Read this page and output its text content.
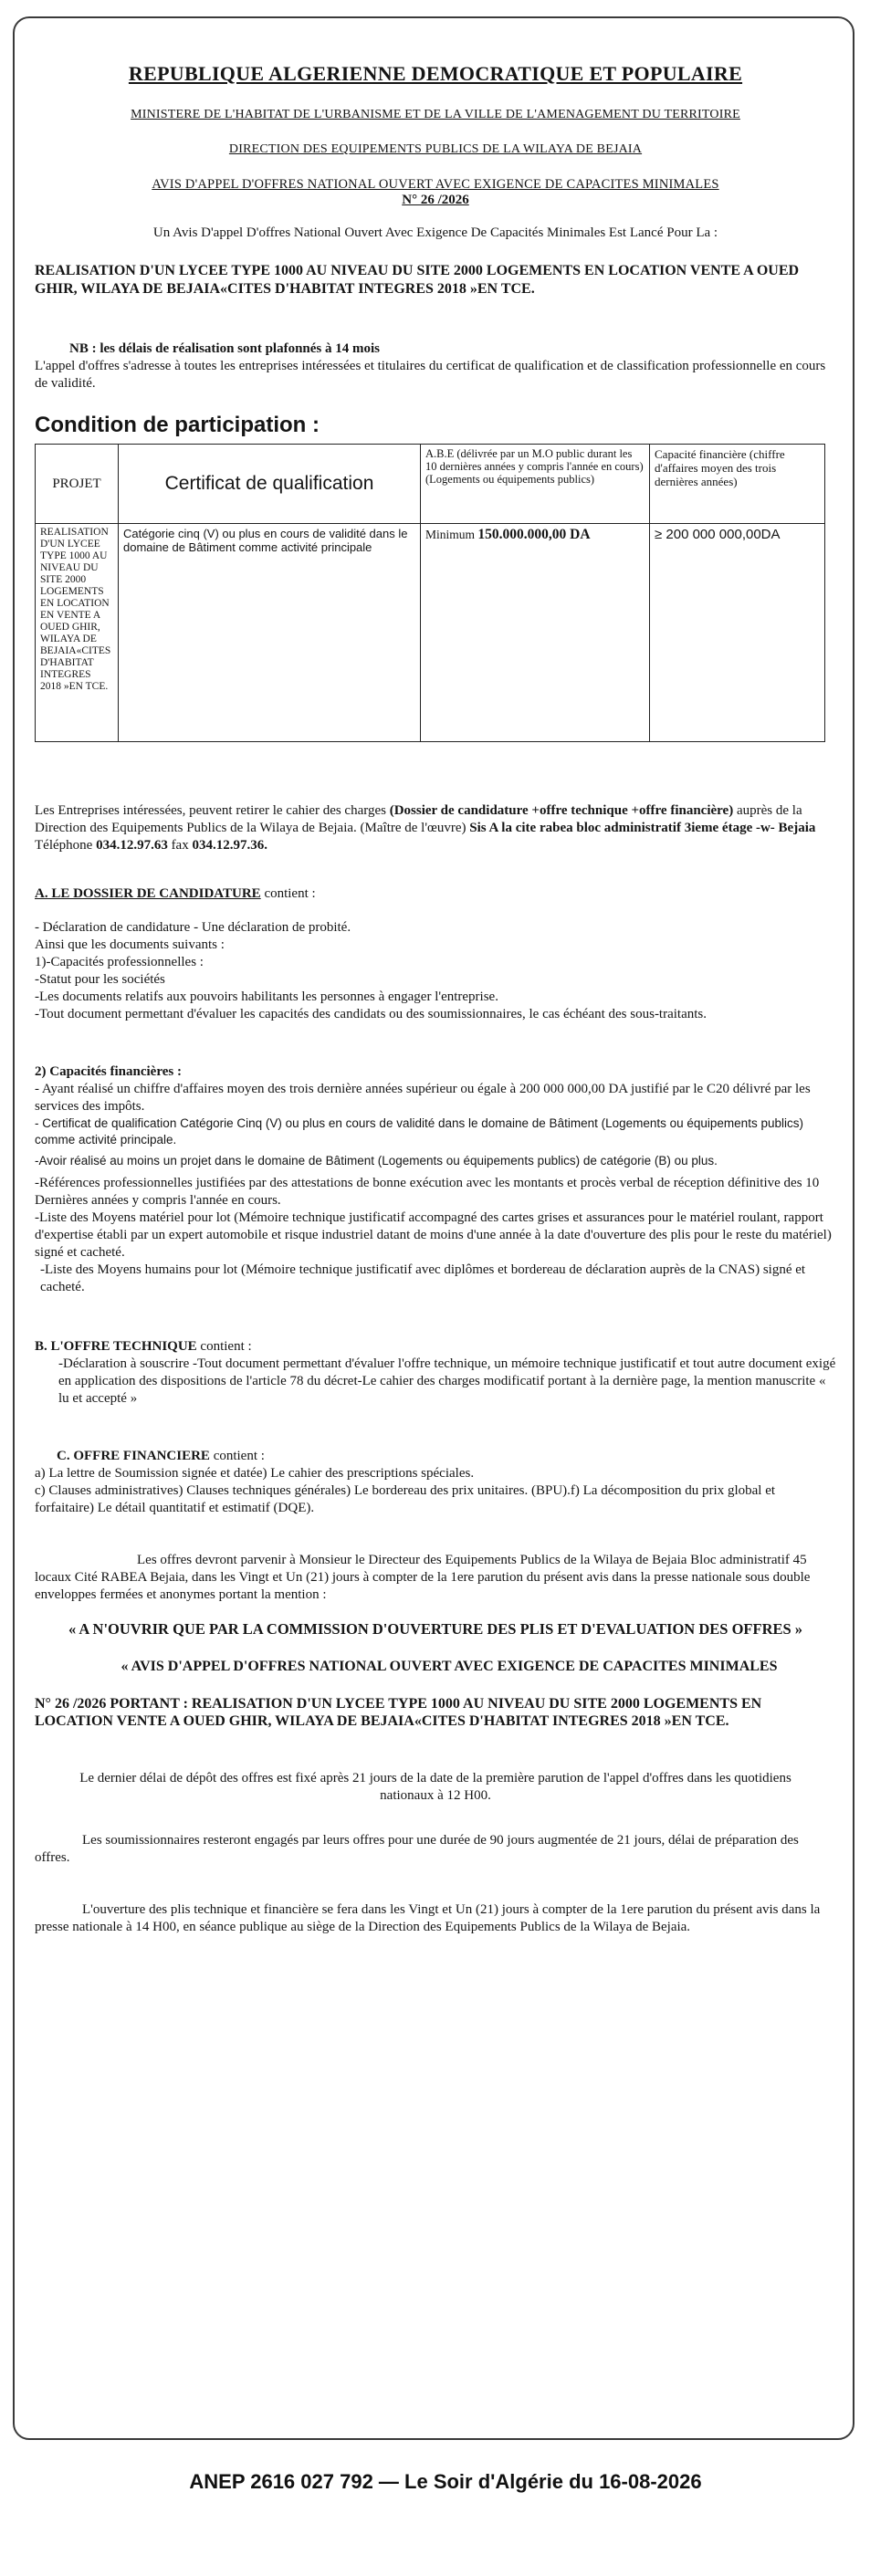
REPUBLIQUE ALGERIENNE DEMOCRATIQUE ET POPULAIRE
MINISTERE DE L'HABITAT DE L'URBANISME ET DE LA VILLE DE L'AMENAGEMENT DU TERRITOIRE
DIRECTION DES EQUIPEMENTS PUBLICS DE LA WILAYA DE BEJAIA
AVIS D'APPEL D'OFFRES NATIONAL OUVERT AVEC EXIGENCE DE CAPACITES MINIMALES
N° 26 /2026
Un Avis D'appel D'offres National Ouvert Avec Exigence De Capacités Minimales Est Lancé Pour La :
REALISATION D'UN LYCEE TYPE 1000 AU NIVEAU DU SITE 2000 LOGEMENTS EN LOCATION VENTE A OUED GHIR, WILAYA DE BEJAIA«CITES D'HABITAT INTEGRES 2018 »EN TCE.
NB : les délais de réalisation sont plafonnés à 14 mois
L'appel d'offres s'adresse à toutes les entreprises intéressées et titulaires du certificat de qualification et de classification professionnelle en cours de validité.
Condition de participation :
PROJET	Certificat de qualification	A.B.E (délivrée par un M.O public durant les 10 dernières années y compris l'année en cours) (Logements ou équipements publics)	Capacité financière (chiffre d'affaires moyen des trois dernières années)
REALISATION D'UN LYCEE TYPE 1000 AU NIVEAU DU SITE 2000 LOGEMENTS EN LOCATION EN VENTE A OUED GHIR, WILAYA DE BEJAIA«CITES D'HABITAT INTEGRES 2018 »EN TCE.	Catégorie cinq (V) ou plus en cours de validité dans le domaine de Bâtiment comme activité principale	Minimum 150.000.000,00 DA	≥ 200 000 000,00DA
Les Entreprises intéressées, peuvent retirer le cahier des charges (Dossier de candidature +offre technique +offre financière) auprès de la Direction des Equipements Publics de la Wilaya de Bejaia. (Maître de l'œuvre) Sis A la cite rabea bloc administratif 3ieme étage -w- Bejaia Téléphone 034.12.97.63 fax 034.12.97.36.
A. LE DOSSIER DE CANDIDATURE contient :
- Déclaration de candidature - Une déclaration de probité.
Ainsi que les documents suivants :
1)-Capacités professionnelles :
-Statut pour les sociétés
-Les documents relatifs aux pouvoirs habilitants les personnes à engager l'entreprise.
-Tout document permettant d'évaluer les capacités des candidats ou des soumissionnaires, le cas échéant des sous-traitants.
2) Capacités financières :
- Ayant réalisé un chiffre d'affaires moyen des trois dernière années supérieur ou égale à 200 000 000,00 DA justifié par le C20 délivré par les services des impôts.
- Certificat de qualification Catégorie Cinq (V) ou plus en cours de validité dans le domaine de Bâtiment (Logements ou équipements publics) comme activité principale.
-Avoir réalisé au moins un projet dans le domaine de Bâtiment (Logements ou équipements publics) de catégorie (B) ou plus.
-Références professionnelles justifiées par des attestations de bonne exécution avec les montants et procès verbal de réception définitive des 10 Dernières années y compris l'année en cours.
-Liste des Moyens matériel pour lot (Mémoire technique justificatif accompagné des cartes grises et assurances pour le matériel roulant, rapport d'expertise établi par un expert automobile et risque industriel datant de moins d'une année à la date d'ouverture des plis pour le reste du matériel) signé et cacheté.
-Liste des Moyens humains pour lot (Mémoire technique justificatif avec diplômes et bordereau de déclaration auprès de la CNAS) signé et cacheté.
B. L'OFFRE TECHNIQUE contient :
-Déclaration à souscrire -Tout document permettant d'évaluer l'offre technique, un mémoire technique justificatif et tout autre document exigé en application des dispositions de l'article 78 du décret-Le cahier des charges modificatif portant à la dernière page, la mention manuscrite « lu et accepté »
C. OFFRE FINANCIERE contient :
a) La lettre de Soumission signée et datée) Le cahier des prescriptions spéciales.
c) Clauses administratives) Clauses techniques générales) Le bordereau des prix unitaires. (BPU).f) La décomposition du prix global et forfaitaire) Le détail quantitatif et estimatif (DQE).
Les offres devront parvenir à Monsieur le Directeur des Equipements Publics de la Wilaya de Bejaia Bloc administratif 45 locaux Cité RABEA Bejaia, dans les Vingt et Un (21) jours à compter de la 1ere parution du présent avis dans la presse nationale sous double enveloppes fermées et anonymes portant la mention :
« A N'OUVRIR QUE PAR LA COMMISSION D'OUVERTURE DES PLIS ET D'EVALUATION DES OFFRES »
« AVIS D'APPEL D'OFFRES NATIONAL OUVERT AVEC EXIGENCE DE CAPACITES MINIMALES
N° 26 /2026 PORTANT : REALISATION D'UN LYCEE TYPE 1000 AU NIVEAU DU SITE 2000 LOGEMENTS EN LOCATION VENTE A OUED GHIR, WILAYA DE BEJAIA«CITES D'HABITAT INTEGRES 2018 »EN TCE.
Le dernier délai de dépôt des offres est fixé après 21 jours de la date de la première parution de l'appel d'offres dans les quotidiens nationaux à 12 H00.
Les soumissionnaires resteront engagés par leurs offres pour une durée de 90 jours augmentée de 21 jours, délai de préparation des offres.
L'ouverture des plis technique et financière se fera dans les Vingt et Un (21) jours à compter de la 1ere parution du présent avis dans la presse nationale à 14 H00, en séance publique au siège de la Direction des Equipements Publics de la Wilaya de Bejaia.
ANEP 2616 027 792 — Le Soir d'Algérie du 16-08-2026
